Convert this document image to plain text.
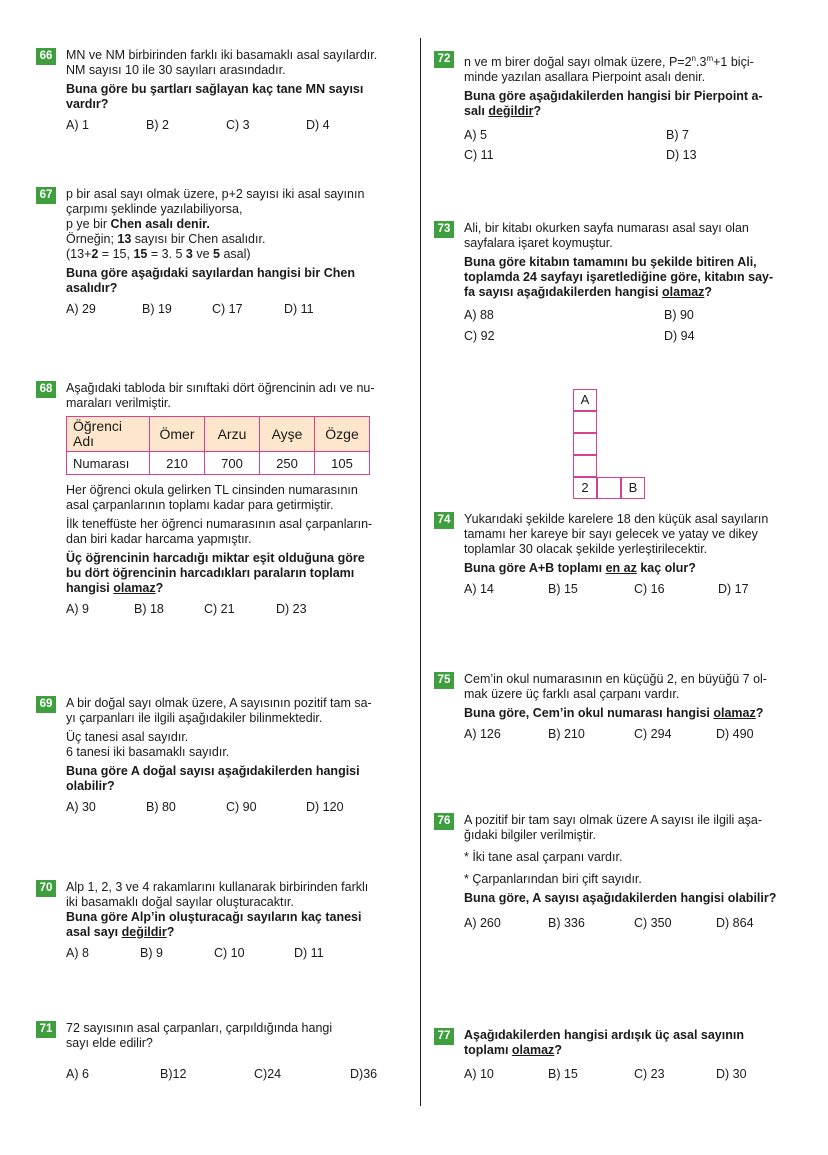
66 MN ve NM birbirinden farklı iki basamaklı asal sayılardır.

NM sayısı 10 ile 30 sayıları arasındadır.

Buna göre bu şartları sağlayan kaç tane MN sayısı vardır?

A) 1	B) 2	C) 3	D) 4
67 p bir asal sayı olmak üzere, p+2 sayısı iki asal sayının

çarpımı şeklinde yazılabiliyorsa,

p ye bir Chen asalı denir.

Örneğin; 13 sayısı bir Chen asalıdır.

(13+2 = 15, 15 = 3. 5 3 ve 5 asal)

Buna göre aşağıdaki sayılardan hangisi bir Chen asalıdır?

A) 29	B) 19	C) 17	D) 11
68 Aşağıdaki tabloda bir sınıftaki dört öğrencinin adı ve nu-

maraları verilmiştir.

Öğrenci Adı	Ömer	Arzu	Ayşe	Özge
Numarası	210	700	250	105

Her öğrenci okula gelirken TL cinsinden numarasının

asal çarpanlarının toplamı kadar para getirmiştir.

İlk teneffüste her öğrenci numarasının asal çarpanların-

dan biri kadar harcama yapmıştır.

Üç öğrencinin harcadığı miktar eşit olduğuna göre

bu dört öğrencinin harcadıkları paraların toplamı

hangisi olamaz?

A) 9	B) 18	C) 21	D) 23
69 A bir doğal sayı olmak üzere, A sayısının pozitif tam sa-

yı çarpanları ile ilgili aşağıdakiler bilinmektedir.

Üç tanesi asal sayıdır.

6 tanesi iki basamaklı sayıdır.

Buna göre A doğal sayısı aşağıdakilerden hangisi olabilir?

A) 30	B) 80	C) 90	D) 120
70 Alp 1, 2, 3 ve 4 rakamlarını kullanarak birbirinden farklı

iki basamaklı doğal sayılar oluşturacaktır.

Buna göre Alp’in oluşturacağı sayıların kaç tanesi

asal sayı değildir?

A) 8	B) 9	C) 10	D) 11
71 72 sayısının asal çarpanları, çarpıldığında hangi

sayı elde edilir?

A) 6	B)12	C)24	D)36
72 n ve m birer doğal sayı olmak üzere, $P=2^n.3^m+1$ biçi-

minde yazılan asallara Pierpoint asalı denir.

Buna göre aşağıdakilerden hangisi bir Pierpoint a-

salı değildir?

A) 5	B) 7
C) 11	D) 13
73 Ali, bir kitabı okurken sayfa numarası asal sayı olan

sayfalara işaret koymuştur.

Buna göre kitabın tamamını bu şekilde bitiren Ali,

toplamda 24 sayfayı işaretlediğine göre, kitabın say-

fa sayısı aşağıdakilerden hangisi olamaz?

A) 88	B) 90
C) 92	D) 94
A
2	B
74 Yukarıdaki şekilde karelere 18 den küçük asal sayıların

tamamı her kareye bir sayı gelecek ve yatay ve dikey

toplamlar 30 olacak şekilde yerleştirilecektir.

Buna göre A+B toplamı en az kaç olur?

A) 14	B) 15	C) 16	D) 17
75 Cem’in okul numarasının en küçüğü 2, en büyüğü 7 ol-

mak üzere üç farklı asal çarpanı vardır.

Buna göre, Cem’in okul numarası hangisi olamaz?

A) 126	B) 210	C) 294	D) 490
76 A pozitif bir tam sayı olmak üzere A sayısı ile ilgili aşa-

ğıdaki bilgiler verilmiştir.

* İki tane asal çarpanı vardır.

* Çarpanlarından biri çift sayıdır.

Buna göre, A sayısı aşağıdakilerden hangisi olabilir?

A) 260	B) 336	C) 350	D) 864
77 Aşağıdakilerden hangisi ardışık üç asal sayının

toplamı olamaz?

A) 10	B) 15	C) 23	D) 30
